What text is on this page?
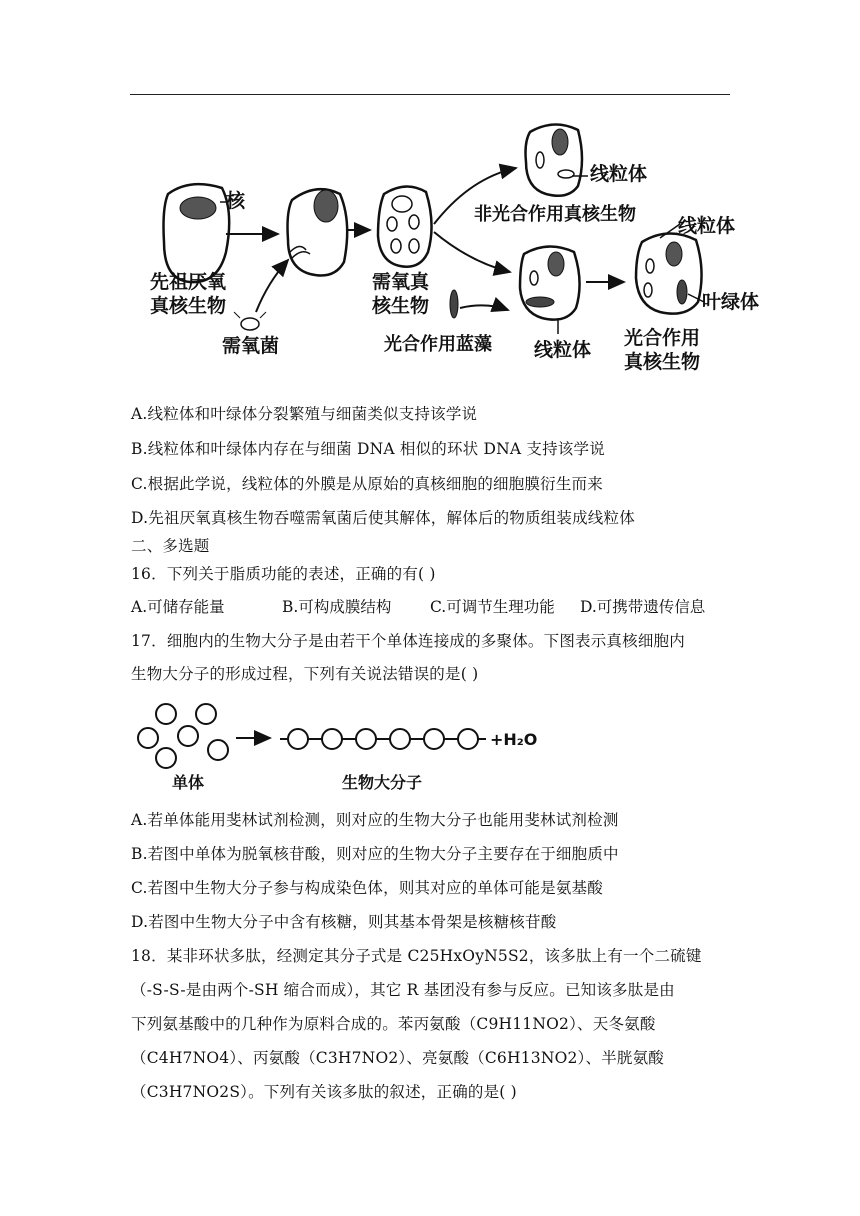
核
先祖厌氧
真核生物
需氧菌
需氧真
核生物
线粒体
非光合作用真核生物
光合作用蓝藻 线粒体
线粒体
叶绿体
光合作用
真核生物
A.线粒体和叶绿体分裂繁殖与细菌类似支持该学说
B.线粒体和叶绿体内存在与细菌 DNA 相似的环状 DNA 支持该学说
C.根据此学说，线粒体的外膜是从原始的真核细胞的细胞膜衍生而来
D.先祖厌氧真核生物吞噬需氧菌后使其解体，解体后的物质组装成线粒体
二、多选题
16．下列关于脂质功能的表述，正确的有( )
A.可储存能量	B.可构成膜结构 C.可调节生理功能 D.可携带遗传信息
17．细胞内的生物大分子是由若干个单体连接成的多聚体。下图表示真核细胞内
生物大分子的形成过程，下列有关说法错误的是( )
+H₂O
单体	生物大分子
A.若单体能用斐林试剂检测，则对应的生物大分子也能用斐林试剂检测
B.若图中单体为脱氧核苷酸，则对应的生物大分子主要存在于细胞质中
C.若图中生物大分子参与构成染色体，则其对应的单体可能是氨基酸
D.若图中生物大分子中含有核糖，则其基本骨架是核糖核苷酸
18．某非环状多肽，经测定其分子式是 C25HxOyN5S2，该多肽上有一个二硫键
（-S-S-是由两个-SH 缩合而成），其它 R 基团没有参与反应。已知该多肽是由
下列氨基酸中的几种作为原料合成的。苯丙氨酸（C9H11NO2）、天冬氨酸
（C4H7NO4）、丙氨酸（C3H7NO2）、亮氨酸（C6H13NO2）、半胱氨酸
（C3H7NO2S）。下列有关该多肽的叙述，正确的是( )
